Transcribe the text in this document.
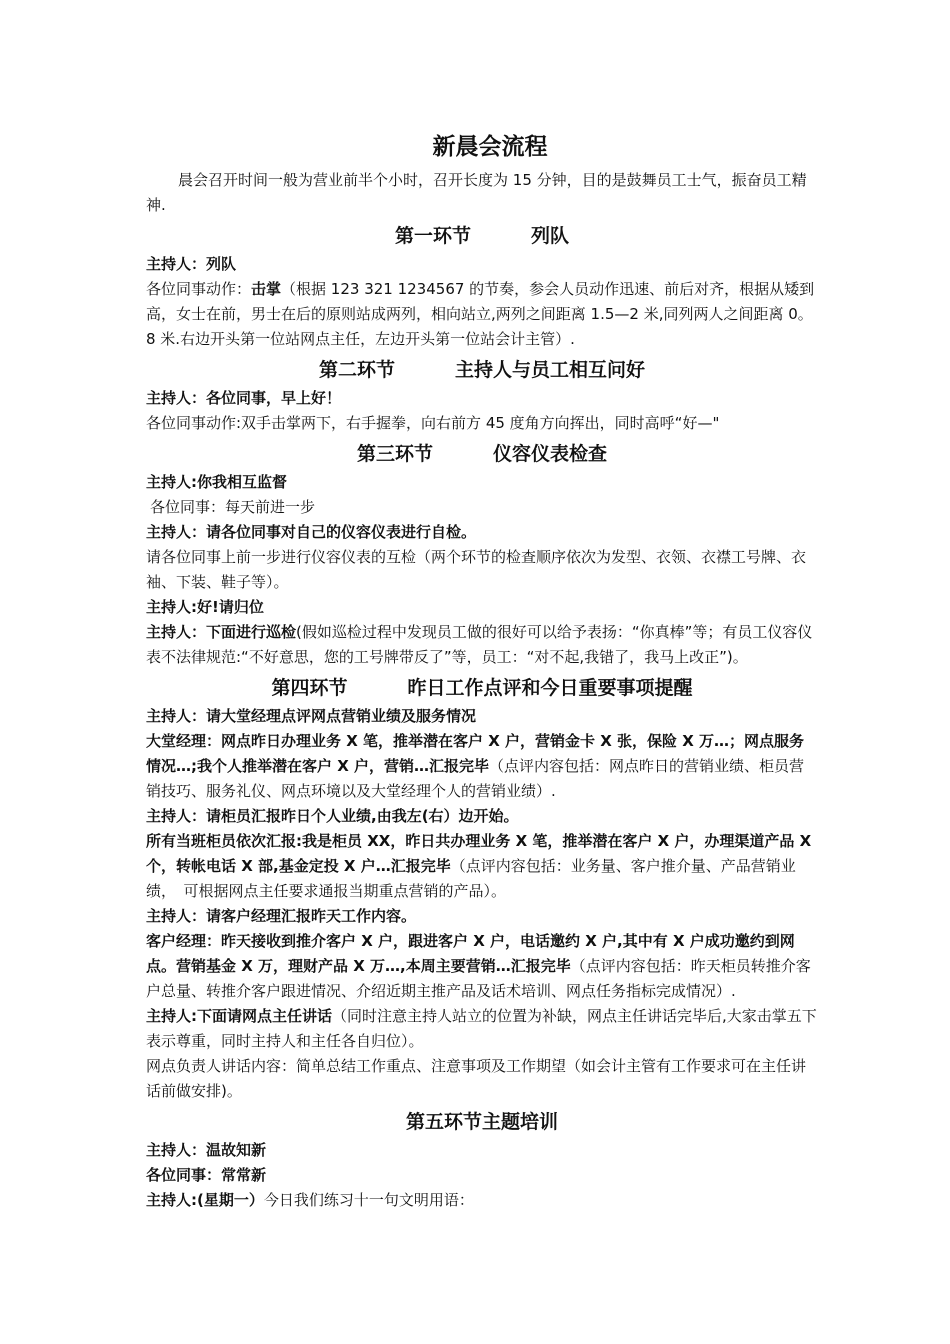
新晨会流程

晨会召开时间一般为营业前半个小时，召开长度为 15 分钟，目的是鼓舞员工士气，振奋员工精神.

第一环节	列队

主持人：列队

各位同事动作：击掌（根据 123 321 1234567 的节奏，参会人员动作迅速、前后对齐，根据从矮到高，女士在前，男士在后的原则站成两列，相向站立,两列之间距离 1.5—2 米,同列两人之间距离 0。8 米.右边开头第一位站网点主任，左边开头第一位站会计主管）.

第二环节	主持人与员工相互问好

主持人：各位同事，早上好！

各位同事动作:双手击掌两下，右手握拳，向右前方 45 度角方向挥出，同时高呼“好—"

第三环节	仪容仪表检查

主持人:你我相互监督

各位同事：每天前进一步

主持人：请各位同事对自己的仪容仪表进行自检。

请各位同事上前一步进行仪容仪表的互检（两个环节的检查顺序依次为发型、衣领、衣襟工号牌、衣袖、下装、鞋子等）。

主持人:好!请归位

主持人：下面进行巡检(假如巡检过程中发现员工做的很好可以给予表扬：“你真棒”等；有员工仪容仪表不法律规范:“不好意思，您的工号牌带反了”等，员工：“对不起,我错了，我马上改正”)。

第四环节	昨日工作点评和今日重要事项提醒

主持人：请大堂经理点评网点营销业绩及服务情况

大堂经理：网点昨日办理业务 X 笔，推举潜在客户 X 户，营销金卡 X 张，保险 X 万…；网点服务情况…;我个人推举潜在客户 X 户，营销…汇报完毕（点评内容包括：网点昨日的营销业绩、柜员营销技巧、服务礼仪、网点环境以及大堂经理个人的营销业绩）.

主持人：请柜员汇报昨日个人业绩,由我左(右）边开始。

所有当班柜员依次汇报:我是柜员 XX，昨日共办理业务 X 笔，推举潜在客户 X 户，办理渠道产品 X 个，转帐电话 X 部,基金定投 X 户…汇报完毕（点评内容包括：业务量、客户推介量、产品营销业绩，　可根据网点主任要求通报当期重点营销的产品）。

主持人：请客户经理汇报昨天工作内容。

客户经理：昨天接收到推介客户 X 户，跟进客户 X 户，电话邀约 X 户,其中有 X 户成功邀约到网点。营销基金 X 万，理财产品 X 万…,本周主要营销…汇报完毕（点评内容包括：昨天柜员转推介客户总量、转推介客户跟进情况、介绍近期主推产品及话术培训、网点任务指标完成情况）.

主持人:下面请网点主任讲话（同时注意主持人站立的位置为补缺，网点主任讲话完毕后,大家击掌五下表示尊重，同时主持人和主任各自归位）。

网点负责人讲话内容：简单总结工作重点、注意事项及工作期望（如会计主管有工作要求可在主任讲话前做安排)。

第五环节主题培训

主持人：温故知新

各位同事：常常新

主持人:(星期一）今日我们练习十一句文明用语：
